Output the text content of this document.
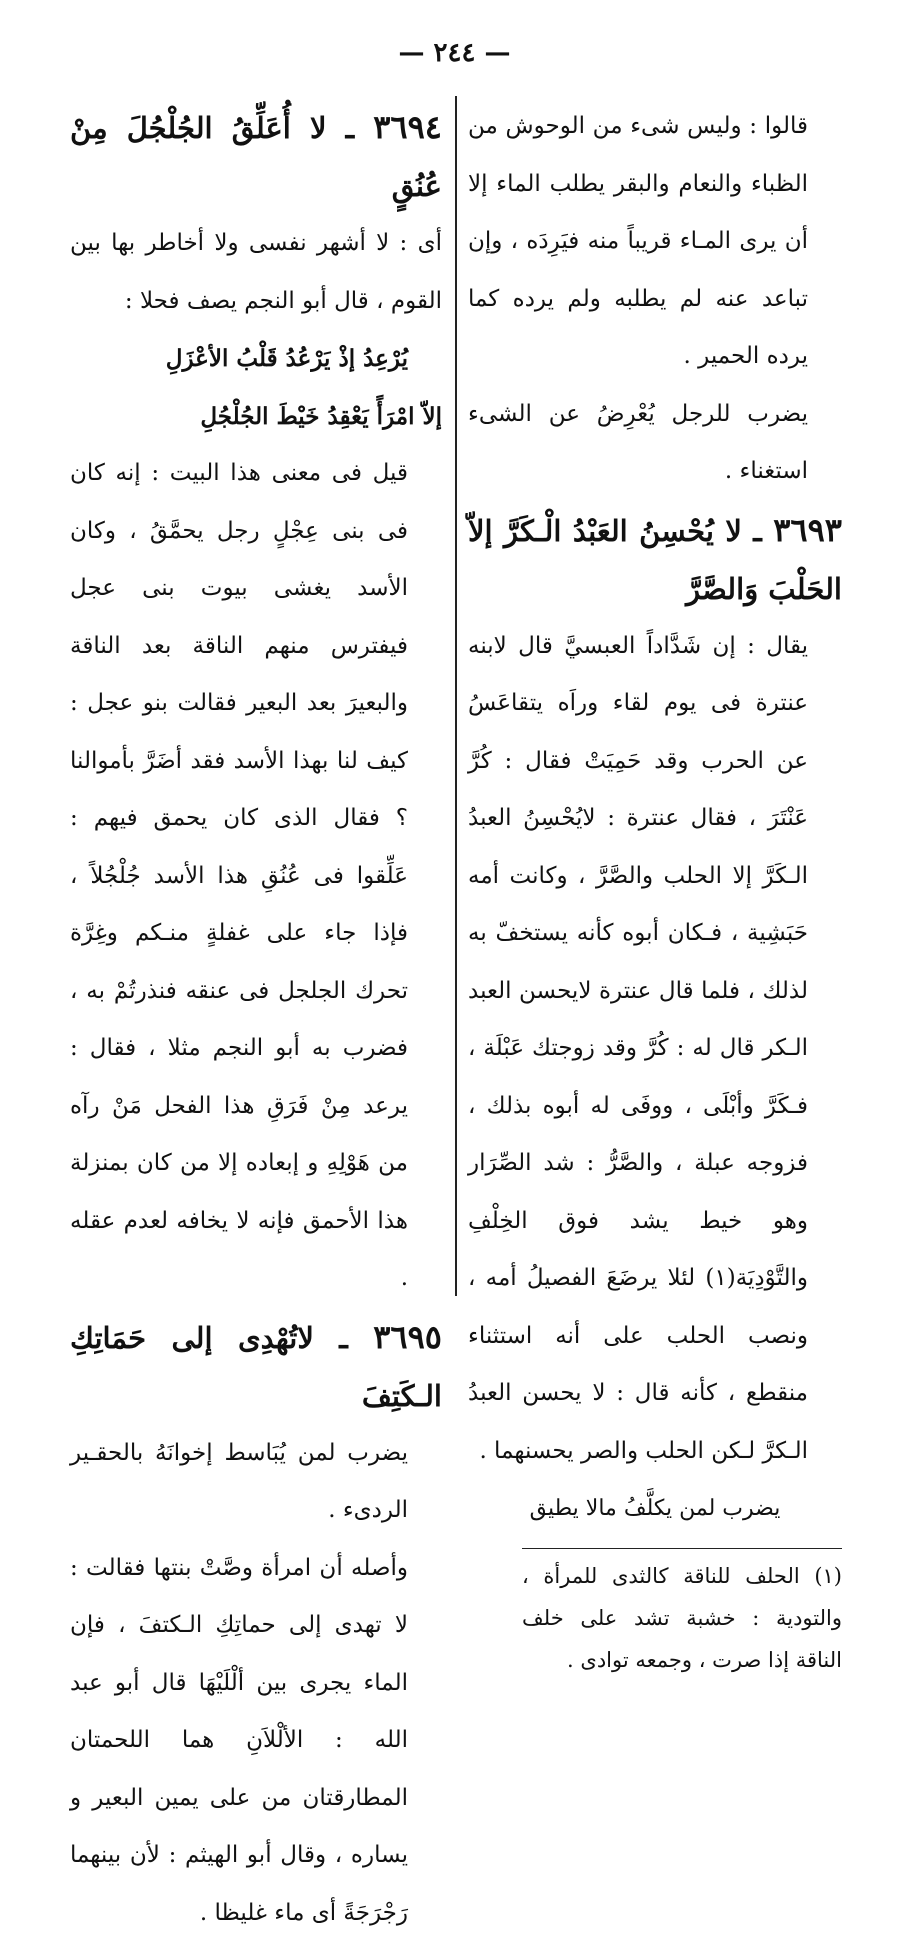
— ٢٤٤ —

قالوا : وليس شىء من الوحوش من الظباء والنعام والبقر يطلب الماء إلا أن يرى المـاء قريباً منه فيَرِدَه ، وإن تباعد عنه لم يطلبه ولم يرده كما يرده الحمير .

يضرب للرجل يُعْرِضُ عن الشىء استغناء .

٣٦٩٣ ـ لا يُحْسِنُ العَبْدُ الْـكَرَّ إلاّ الحَلْبَ وَالصَّرَّ

يقال : إن شَدَّاداً العبسيَّ قال لابنه عنترة فى يوم لقاء وراَه يتقاعَسُ عن الحرب وقد حَمِيَتْ فقال : كُرَّ عَنْتَرَ ، فقال عنترة : لايُحْسِنُ العبدُ الـكَرَّ إلا الحلب والصَّرَّ ، وكانت أمه حَبَشِية ، فـكان أبوه كأنه يستخفّ به لذلك ، فلما قال عنترة لايحسن العبد الـكر قال له : كُرَّ وقد زوجتك عَبْلَة ، فـكَرَّ وأبْلَى ، ووفَى له أبوه بذلك ، فزوجه عبلة ، والصَّرُّ : شد الصِّرَار وهو خيط يشد فوق الخِلْفِ والتَّوْدِيَة(١) لئلا يرضَعَ الفصيلُ أمه ، ونصب الحلب على أنه استثناء منقطع ، كأنه قال : لا يحسن العبدُ الـكرَّ لـكن الحلب والصر يحسنهما .

يضرب لمن يكلَّفُ مالا يطيق

(١) الحلف للناقة كالثدى للمرأة ، والتودية : خشبة تشد على خلف الناقة إذا صرت ، وجمعه توادى .

٣٦٩٤ ـ لا أُعَلِّقُ الجُلْجُلَ مِنْ عُنُقٍ

أى : لا أشهر نفسى ولا أخاطر بها بين القوم ، قال أبو النجم يصف فحلا :

يُرْعِدُ إذْ يَرْعُدُ قَلْبُ الأعْزَلِ

إلاّ امْرَأً يَعْقِدُ خَيْطَ الجُلْجُلِ

قيل فى معنى هذا البيت : إنه كان فى بنى عِجْلٍ رجل يحمَّقُ ، وكان الأسد يغشى بيوت بنى عجل فيفترس منهم الناقة بعد الناقة والبعيرَ بعد البعير فقالت بنو عجل : كيف لنا بهذا الأسد فقد أضَرَّ بأموالنا ؟ فقال الذى كان يحمق فيهم : عَلِّقوا فى عُنُقِ هذا الأسد جُلْجُلاً ، فإذا جاء على غفلةٍ منـكم وغِرَّة تحرك الجلجل فى عنقه فنذرتُمْ به ، فضرب به أبو النجم مثلا ، فقال : يرعد مِنْ فَرَقِ هذا الفحل مَنْ رآه من هَوْلِهِ و إبعاده إلا من كان بمنزلة هذا الأحمق فإنه لا يخافه لعدم عقله .

٣٦٩٥ ـ لاتُهْدِى إلى حَمَاتِكِ الـكَتِفَ

يضرب لمن يُبَاسط إخوانَهُ بالحقـير الردىء .

وأصله أن امرأة وصَّتْ بنتها فقالت : لا تهدى إلى حماتِكِ الـكتفَ ، فإن الماء يجرى بين ألْلَيْهَا قال أبو عبد الله : الألْلاَنِ هما اللحمتان المطارقتان من على يمين البعير و يساره ، وقال أبو الهيثم : لأن بينهما رَجْرَجَةً أى ماء غليظا .
